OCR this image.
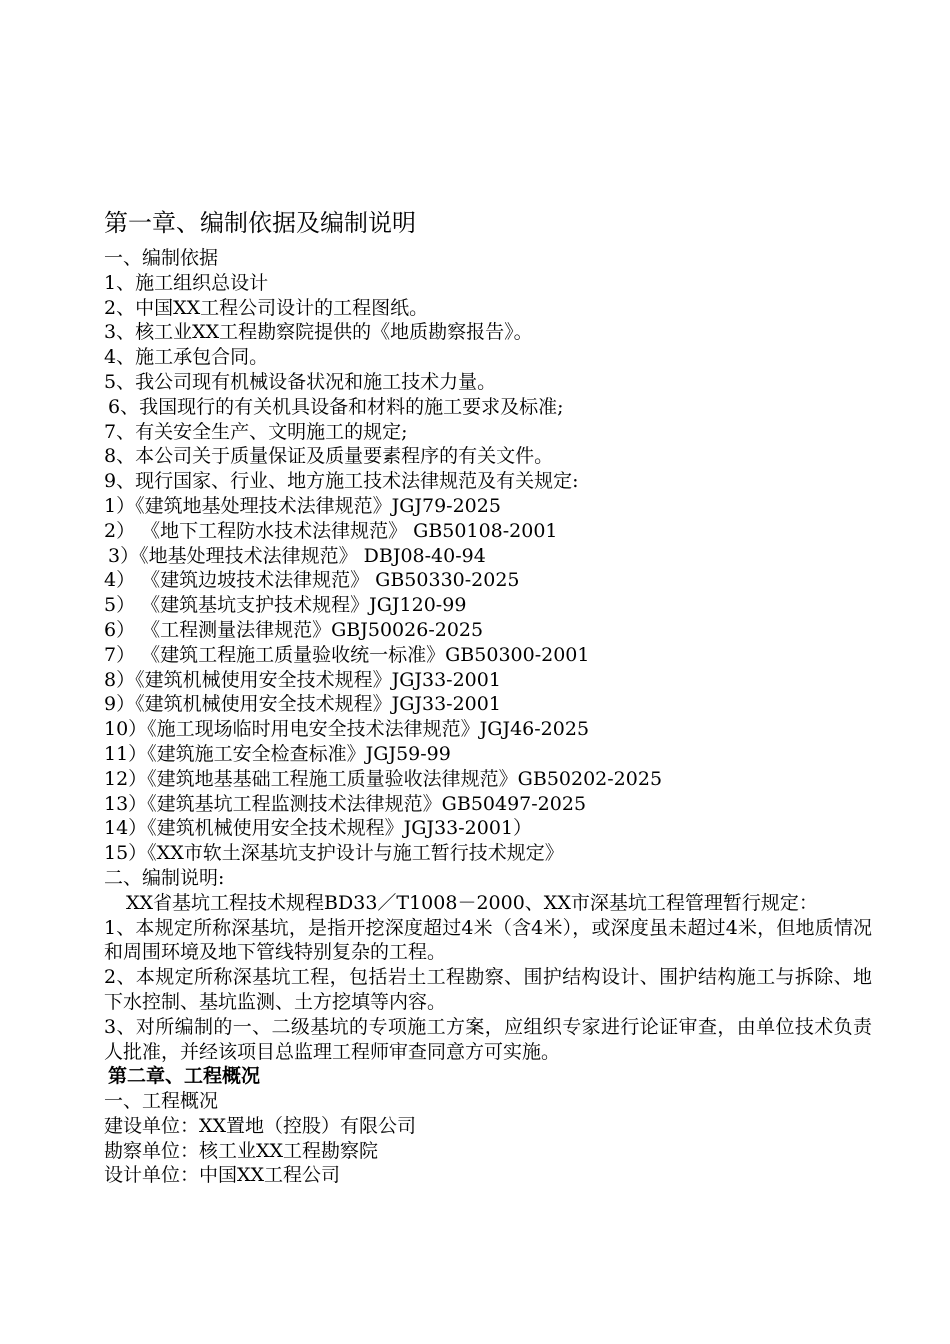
第一章、编制依据及编制说明
一、编制依据
1、施工组织总设计
2、中国XX工程公司设计的工程图纸。
3、核工业XX工程勘察院提供的《地质勘察报告》。
4、施工承包合同。
5、我公司现有机械设备状况和施工技术力量。
6、我国现行的有关机具设备和材料的施工要求及标准;
7、有关安全生产、文明施工的规定;
8、本公司关于质量保证及质量要素程序的有关文件。
9、现行国家、行业、地方施工技术法律规范及有关规定:
1）《建筑地基处理技术法律规范》JGJ79-2025
2） 《地下工程防水技术法律规范》 GB50108-2001
3）《地基处理技术法律规范》 DBJ08-40-94
4） 《建筑边坡技术法律规范》 GB50330-2025
5） 《建筑基坑支护技术规程》JGJ120-99
6） 《工程测量法律规范》GBJ50026-2025
7） 《建筑工程施工质量验收统一标准》GB50300-2001
8）《建筑机械使用安全技术规程》JGJ33-2001
9）《建筑机械使用安全技术规程》JGJ33-2001
10）《施工现场临时用电安全技术法律规范》JGJ46-2025
11）《建筑施工安全检查标准》JGJ59-99
12）《建筑地基基础工程施工质量验收法律规范》GB50202-2025
13）《建筑基坑工程监测技术法律规范》GB50497-2025
14）《建筑机械使用安全技术规程》JGJ33-2001）
15）《XX市软土深基坑支护设计与施工暂行技术规定》
二、编制说明:
XX省基坑工程技术规程BD33／T1008－2000、XX市深基坑工程管理暂行规定：
1、本规定所称深基坑，是指开挖深度超过4米（含4米），或深度虽未超过4米，但地质情况和周围环境及地下管线特别复杂的工程。
2、本规定所称深基坑工程，包括岩土工程勘察、围护结构设计、围护结构施工与拆除、地下水控制、基坑监测、土方挖填等内容。
3、对所编制的一、二级基坑的专项施工方案，应组织专家进行论证审查，由单位技术负责人批准，并经该项目总监理工程师审查同意方可实施。
第二章、工程概况
一、工程概况
建设单位：XX置地（控股）有限公司
勘察单位：核工业XX工程勘察院
设计单位：中国XX工程公司
